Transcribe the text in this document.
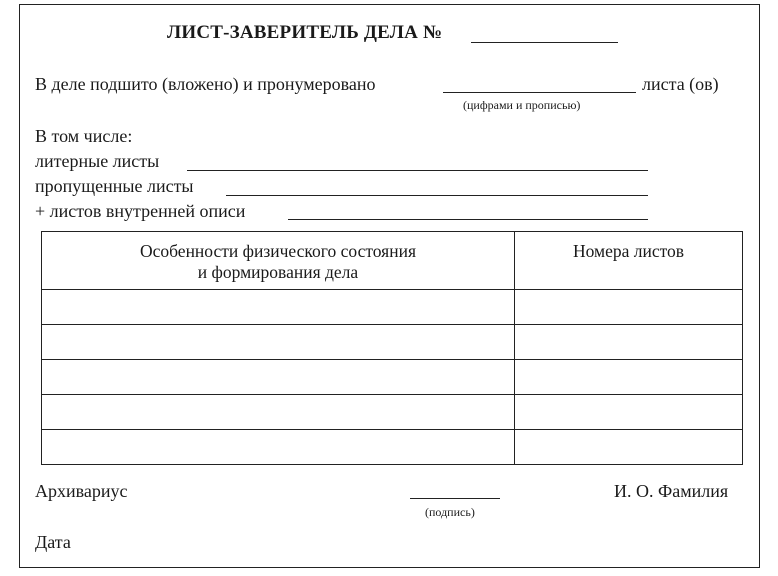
ЛИСТ-ЗАВЕРИТЕЛЬ ДЕЛА №
В деле подшито (вложено) и пронумеровано	листа (ов)
(цифрами и прописью)
В том числе:
литерные листы
пропущенные листы
+ листов внутренней описи
Особенности физического состояния
и формирования дела	Номера листов

Архивариус
(подпись)
И. О. Фамилия
Дата
